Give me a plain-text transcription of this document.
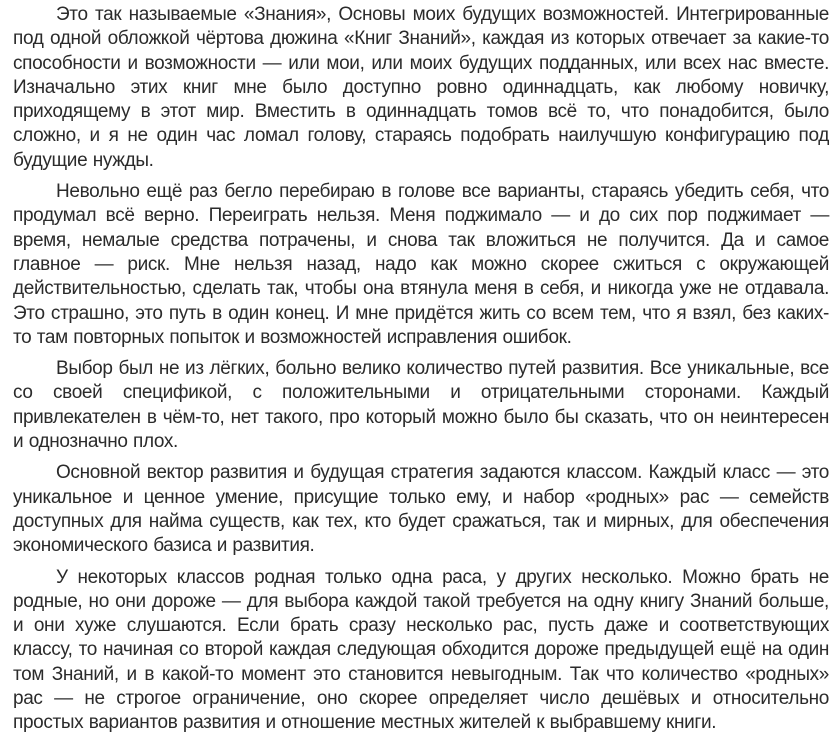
Это так называемые «Знания», Основы моих будущих возможностей. Интегрированные под одной обложкой чёртова дюжина «Книг Знаний», каждая из которых отвечает за какие-то способности и возможности — или мои, или моих будущих подданных, или всех нас вместе. Изначально этих книг мне было доступно ровно одиннадцать, как любому новичку, приходящему в этот мир. Вместить в одиннадцать томов всё то, что понадобится, было сложно, и я не один час ломал голову, стараясь подобрать наилучшую конфигурацию под будущие нужды.

Невольно ещё раз бегло перебираю в голове все варианты, стараясь убедить себя, что продумал всё верно. Переиграть нельзя. Меня поджимало — и до сих пор поджимает — время, немалые средства потрачены, и снова так вложиться не получится. Да и самое главное — риск. Мне нельзя назад, надо как можно скорее сжиться с окружающей действительностью, сделать так, чтобы она втянула меня в себя, и никогда уже не отдавала. Это страшно, это путь в один конец. И мне придётся жить со всем тем, что я взял, без каких-то там повторных попыток и возможностей исправления ошибок.

Выбор был не из лёгких, больно велико количество путей развития. Все уникальные, все со своей спецификой, с положительными и отрицательными сторонами. Каждый привлекателен в чём-то, нет такого, про который можно было бы сказать, что он неинтересен и однозначно плох.

Основной вектор развития и будущая стратегия задаются классом. Каждый класс — это уникальное и ценное умение, присущие только ему, и набор «родных» рас — семейств доступных для найма существ, как тех, кто будет сражаться, так и мирных, для обеспечения экономического базиса и развития.

У некоторых классов родная только одна раса, у других несколько. Можно брать не родные, но они дороже — для выбора каждой такой требуется на одну книгу Знаний больше, и они хуже слушаются. Если брать сразу несколько рас, пусть даже и соответствующих классу, то начиная со второй каждая следующая обходится дороже предыдущей ещё на один том Знаний, и в какой-то момент это становится невыгодным. Так что количество «родных» рас — не строгое ограничение, оно скорее определяет число дешёвых и относительно простых вариантов развития и отношение местных жителей к выбравшему книги.
